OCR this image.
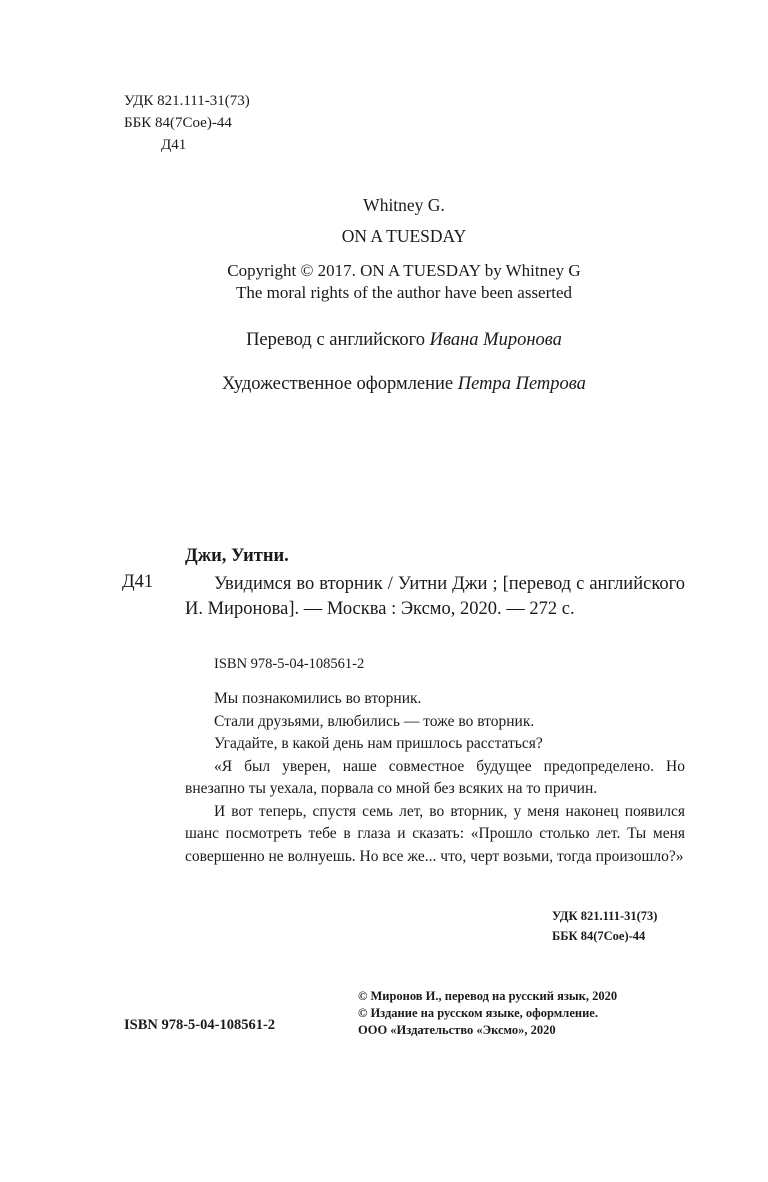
УДК 821.111-31(73)
ББК 84(7Сое)-44
Д41
Whitney G.
ON A TUESDAY
Copyright © 2017. ON A TUESDAY by Whitney G
The moral rights of the author have been asserted
Перевод с английского Ивана Миронова
Художественное оформление Петра Петрова
Джи, Уитни.
Д41	Увидимся во вторник / Уитни Джи ; [перевод с английского И. Миронова]. — Москва : Эксмо, 2020. — 272 с.
ISBN 978-5-04-108561-2

Мы познакомились во вторник.

Стали друзьями, влюбились — тоже во вторник.

Угадайте, в какой день нам пришлось расстаться?

«Я был уверен, наше совместное будущее предопределено. Но внезапно ты уехала, порвала со мной без всяких на то причин.

И вот теперь, спустя семь лет, во вторник, у меня наконец появился шанс посмотреть тебе в глаза и сказать: «Прошло столько лет. Ты меня совершенно не волнуешь. Но все же... что, черт возьми, тогда произошло?»

УДК 821.111-31(73)
ББК 84(7Сое)-44
ISBN 978-5-04-108561-2
© Миронов И., перевод на русский язык, 2020
© Издание на русском языке, оформление.
ООО «Издательство «Эксмо», 2020
